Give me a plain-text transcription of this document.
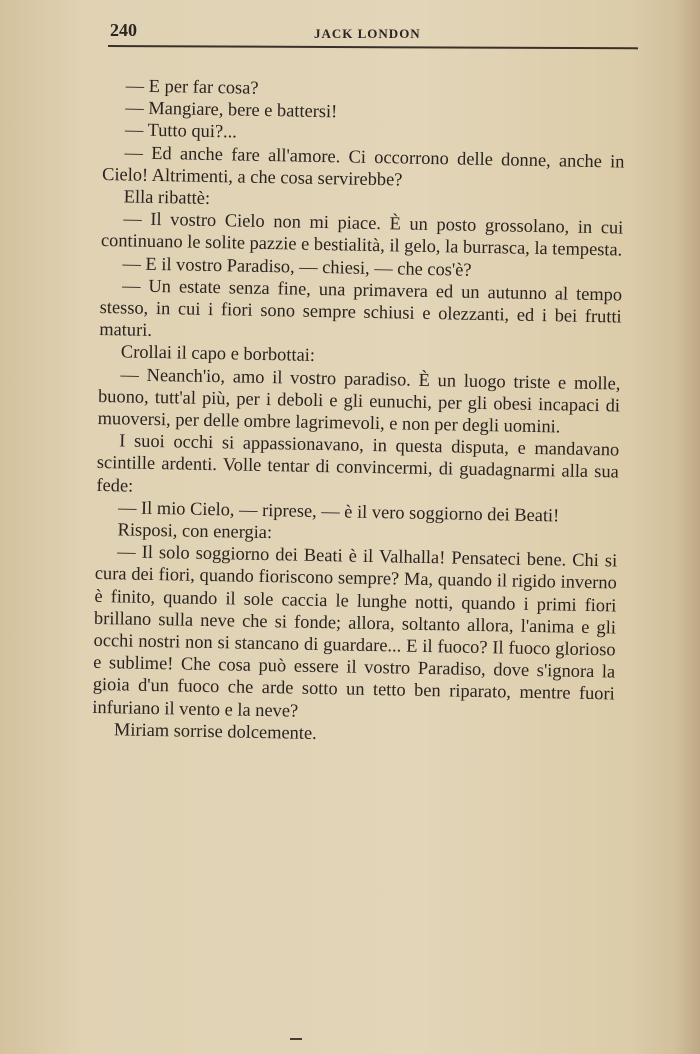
240	JACK LONDON

— E per far cosa?

— Mangiare, bere e battersi!

— Tutto qui?...

— Ed anche fare all'amore. Ci occorrono delle donne, anche in Cielo! Altrimenti, a che cosa servirebbe?

Ella ribattè:

— Il vostro Cielo non mi piace. È un posto grossolano, in cui continuano le solite pazzie e bestialità, il gelo, la burrasca, la tempesta.

— E il vostro Paradiso, — chiesi, — che cos'è?

— Un estate senza fine, una primavera ed un autunno al tempo stesso, in cui i fiori sono sempre schiusi e olezzanti, ed i bei frutti maturi.

Crollai il capo e borbottai:

— Neanch'io, amo il vostro paradiso. È un luogo triste e molle, buono, tutt'al più, per i deboli e gli eunuchi, per gli obesi incapaci di muoversi, per delle ombre lagrimevoli, e non per degli uomini.

I suoi occhi si appassionavano, in questa disputa, e mandavano scintille ardenti. Volle tentar di convincermi, di guadagnarmi alla sua fede:

— Il mio Cielo, — riprese, — è il vero soggiorno dei Beati!

Risposi, con energia:

— Il solo soggiorno dei Beati è il Valhalla! Pensateci bene. Chi si cura dei fiori, quando fioriscono sempre? Ma, quando il rigido inverno è finito, quando il sole caccia le lunghe notti, quando i primi fiori brillano sulla neve che si fonde; allora, soltanto allora, l'anima e gli occhi nostri non si stancano di guardare... E il fuoco? Il fuoco glorioso e sublime! Che cosa può essere il vostro Paradiso, dove s'ignora la gioia d'un fuoco che arde sotto un tetto ben riparato, mentre fuori infuriano il vento e la neve?

Miriam sorrise dolcemente.
